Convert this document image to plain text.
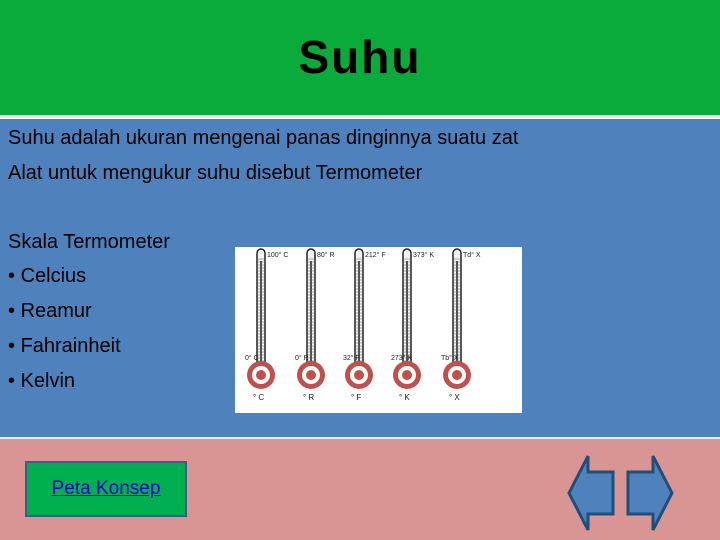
Suhu
Suhu adalah ukuran mengenai panas dinginnya suatu zat
Alat untuk mengukur suhu disebut Termometer
Skala Termometer
• Celcius
• Reamur
• Fahrainheit
• Kelvin
100° C
0° C
° C
80° R
0° R
° R
212° F
32° F
° F
373° K
273° K
° K
Td° X
Tb° X
° X
Peta Konsep
